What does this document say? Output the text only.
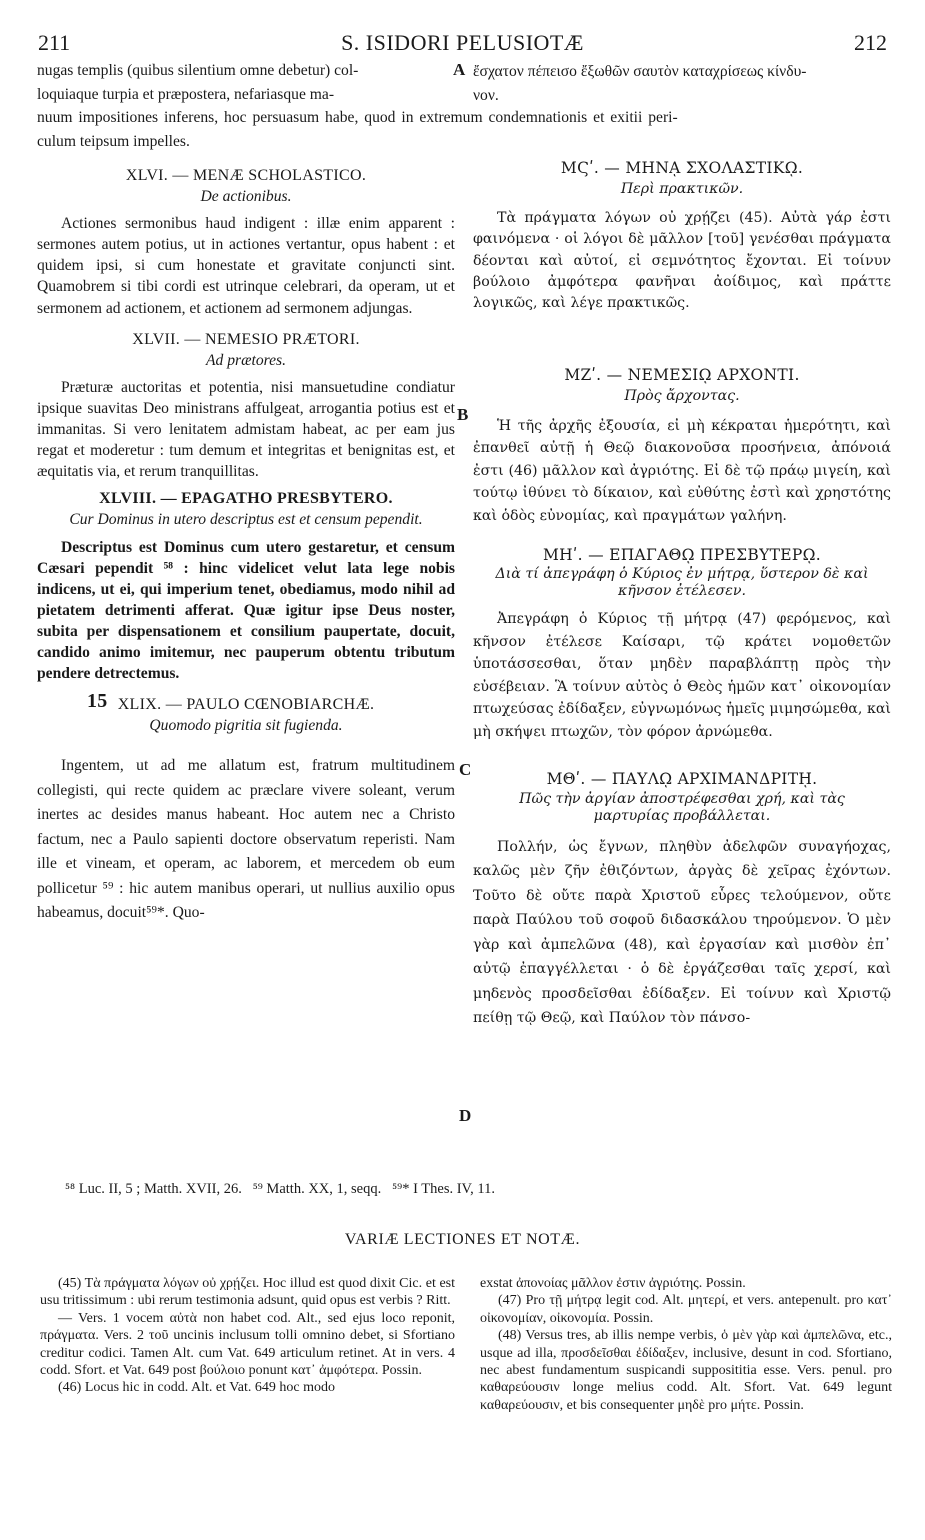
211	S. ISIDORI PELUSIOTÆ	212
nugas templis (quibus silentium omne debetur) col-	A ἔσχατον πέπεισο ἔξωθῶν σαυτὸν καταχρίσεως κίνδυ-
loquiaque turpia et præpostera, nefariasque ma-	νον.
nuum impositiones inferens, hoc persuasum habe, quod in extremum condemnationis et exitii peri-
culum teipsum impelles.
XLVI. — MENÆ SCHOLASTICO.
De actionibus.

Actiones sermonibus haud indigent : illæ enim apparent : sermones autem potius, ut in actiones vertantur, opus habent : et quidem ipsi, si cum honestate et gravitate conjuncti sint. Quamobrem si tibi cordi est utrinque celebrari, da operam, ut et sermonem ad actionem, et actionem ad sermonem adjungas.

XLVII. — NEMESIO PRÆTORI.
Ad prætores.

Præturæ auctoritas et potentia, nisi mansuetudine condiatur ipsique suavitas Deo ministrans affulgeat, arrogantia potius est et immanitas. Si vero lenitatem admistam habeat, ac per eam jus regat et moderetur : tum demum et integritas et benignitas est, et æquitatis via, et rerum tranquillitas.

XLVIII. — EPAGATHO PRESBYTERO.
Cur Dominus in utero descriptus est et censum pependit.

Descriptus est Dominus cum utero gestaretur, et censum Cæsari pependit ⁵⁸ : hinc videlicet velut lata lege nobis indicens, ut ei, qui imperium tenet, obediamus, modo nihil ad pietatem detrimenti afferat. Quæ igitur ipse Deus noster, subita per dispensationem et consilium paupertate, docuit, candido animo imitemur, nec pauperum obtentu tributum pendere detrectemus.

15 XLIX. — PAULO CŒNOBIARCHÆ.
Quomodo pigritia sit fugienda.

Ingentem, ut ad me allatum est, fratrum multitudinem collegisti, qui recte quidem ac præclare vivere soleant, verum inertes ac desides manus habeant. Hoc autem nec a Christo factum, nec a Paulo sapienti doctore observatum reperisti. Nam ille et vineam, et operam, ac laborem, et mercedem ob eum pollicetur ⁵⁹ : hic autem manibus operari, ut nullius auxilio opus habeamus, docuit⁵⁹*. Quo-

B
C
D
ΜϚʹ. — ΜΗΝᾼ ΣΧΟΛΑΣΤΙΚῼ.
Περὶ πρακτικῶν.

Τὰ πράγματα λόγων οὐ χρῄζει (45). Αὐτὰ γάρ ἐστι φαινόμενα · οἱ λόγοι δὲ μᾶλλον [τοῦ] γενέσθαι πράγματα δέονται καὶ αὐτοί, εἰ σεμνότητος ἔχονται. Εἰ τοίνυν βούλοιο ἀμφότερα φανῆναι ἀοίδιμος, καὶ πράττε λογικῶς, καὶ λέγε πρακτικῶς.

ΜΖʹ. — ΝΕΜΕΣΙῼ ΑΡΧΟΝΤΙ.
Πρὸς ἄρχοντας.

Ἡ τῆς ἀρχῆς ἐξουσία, εἰ μὴ κέκραται ἡμερότητι, καὶ ἐπανθεῖ αὐτῇ ἡ Θεῷ διακονοῦσα προσήνεια, ἀπόνοιά ἐστι (46) μᾶλλον καὶ ἀγριότης. Εἰ δὲ τῷ πράῳ μιγείη, καὶ τούτῳ ἰθύνει τὸ δίκαιον, καὶ εὐθύτης ἐστὶ καὶ χρηστότης καὶ ὁδὸς εὐνομίας, καὶ πραγμάτων γαλήνη.

ΜΗʹ. — ΕΠΑΓΑΘῼ ΠΡΕΣΒΥΤΕΡῼ.
Διὰ τί ἀπεγράφη ὁ Κύριος ἐν μήτρᾳ, ὕστερον δὲ καὶ κῆνσον ἐτέλεσεν.

Ἀπεγράφη ὁ Κύριος τῇ μήτρᾳ (47) φερόμενος, καὶ κῆνσον ἐτέλεσε Καίσαρι, τῷ κράτει νομοθετῶν ὑποτάσσεσθαι, ὅταν μηδὲν παραβλάπτῃ πρὸς τὴν εὐσέβειαν. Ἃ τοίνυν αὐτὸς ὁ Θεὸς ἡμῶν κατ᾽ οἰκονομίαν πτωχεύσας ἐδίδαξεν, εὐγνωμόνως ἡμεῖς μιμησώμεθα, καὶ μὴ σκήψει πτωχῶν, τὸν φόρον ἀρνώμεθα.

ΜΘʹ. — ΠΑΥΛῼ ΑΡΧΙΜΑΝΔΡΙΤῌ.
Πῶς τὴν ἀργίαν ἀποστρέφεσθαι χρή, καὶ τὰς μαρτυρίας προβάλλεται.

Πολλήν, ὡς ἔγνων, πληθὺν ἀδελφῶν συναγήοχας, καλῶς μὲν ζῆν ἐθιζόντων, ἀργὰς δὲ χεῖρας ἐχόντων. Τοῦτο δὲ οὔτε παρὰ Χριστοῦ εὗρες τελούμενον, οὔτε παρὰ Παύλου τοῦ σοφοῦ διδασκάλου τηρούμενον. Ὁ μὲν γὰρ καὶ ἀμπελῶνα (48), καὶ ἐργασίαν καὶ μισθὸν ἐπ᾽ αὐτῷ ἐπαγγέλλεται · ὁ δὲ ἐργάζεσθαι ταῖς χερσί, καὶ μηδενὸς προσδεῖσθαι ἐδίδαξεν. Εἰ τοίνυν καὶ Χριστῷ πείθῃ τῷ Θεῷ, καὶ Παύλον τὸν πάνσο-

⁵⁸ Luc. II, 5 ; Matth. XVII, 26.   ⁵⁹ Matth. XX, 1, seqq.   ⁵⁹* I Thes. IV, 11.
VARIÆ LECTIONES ET NOTÆ.

(45) Τὰ πράγματα λόγων οὐ χρῄζει. Hoc illud est quod dixit Cic. et est usu tritissimum : ubi rerum testimonia adsunt, quid opus est verbis ? Ritt.

— Vers. 1 vocem αὐτὰ non habet cod. Alt., sed ejus loco reponit, πράγματα. Vers. 2 τοῦ uncinis inclusum tolli omnino debet, si Sfortiano creditur codici. Tamen Alt. cum Vat. 649 articulum retinet. At in vers. 4 codd. Sfort. et Vat. 649 post βούλοιο ponunt κατ᾽ ἀμφότερα. Possin.

(46) Locus hic in codd. Alt. et Vat. 649 hoc modo

exstat ἀπονοίας μᾶλλον ἐστιν ἀγριότης. Possin.

(47) Pro τῇ μήτρᾳ legit cod. Alt. μητερί, et vers. antepenult. pro κατ᾽ οἰκονομίαν, οἰκονομία. Possin.

(48) Versus tres, ab illis nempe verbis, ὁ μὲν γὰρ καὶ ἀμπελῶνα, etc., usque ad illa, προσδεῖσθαι ἐδίδαξεν, inclusive, desunt in cod. Sfortiano, nec abest fundamentum suspicandi supposititia esse. Vers. penul. pro καθαρεύουσιν longe melius codd. Alt. Sfort. Vat. 649 legunt καθαρεύουσιν, et bis consequenter μηδὲ pro μήτε. Possin.
